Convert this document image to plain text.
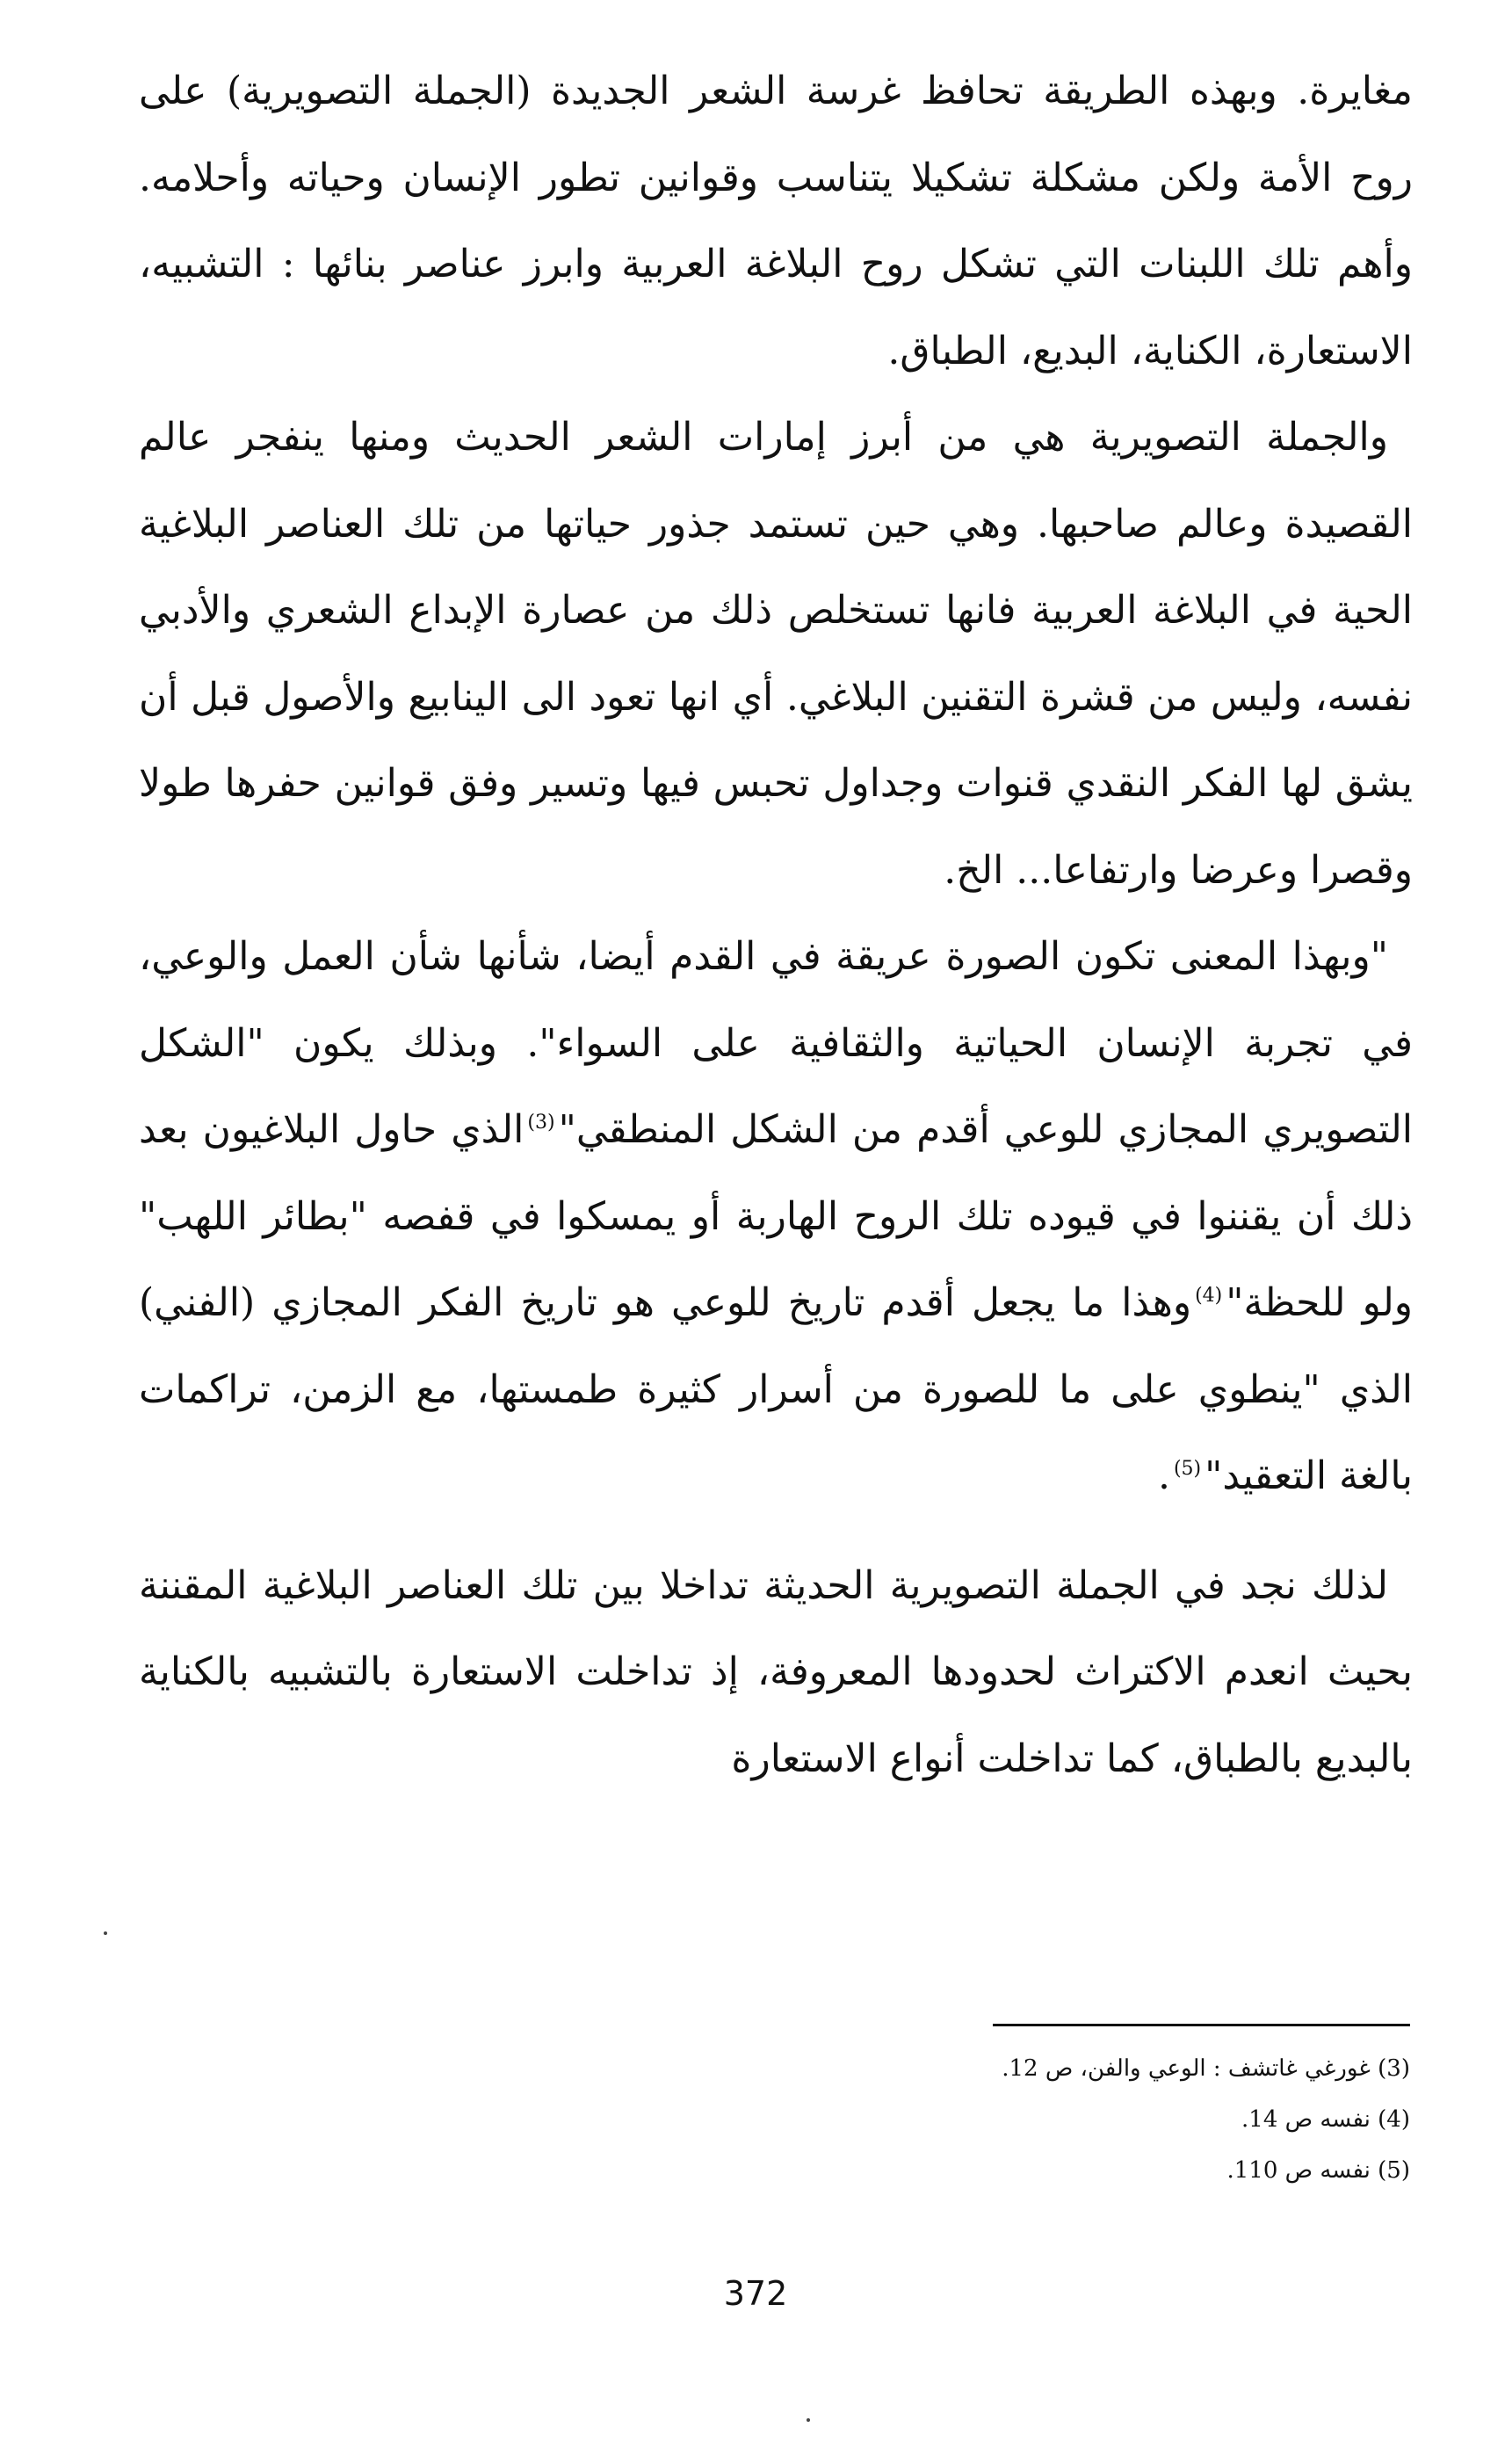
مغايرة. وبهذه الطريقة تحافظ غرسة الشعر الجديدة (الجملة التصويرية) على روح الأمة ولكن مشكلة تشكيلا يتناسب وقوانين تطور الإنسان وحياته وأحلامه. وأهم تلك اللبنات التي تشكل روح البلاغة العربية وابرز عناصر بنائها : التشبيه، الاستعارة، الكناية، البديع، الطباق.

والجملة التصويرية هي من أبرز إمارات الشعر الحديث ومنها ينفجر عالم القصيدة وعالم صاحبها. وهي حين تستمد جذور حياتها من تلك العناصر البلاغية الحية في البلاغة العربية فانها تستخلص ذلك من عصارة الإبداع الشعري والأدبي نفسه، وليس من قشرة التقنين البلاغي. أي انها تعود الى الينابيع والأصول قبل أن يشق لها الفكر النقدي قنوات وجداول تحبس فيها وتسير وفق قوانين حفرها طولا وقصرا وعرضا وارتفاعا... الخ.

"وبهذا المعنى تكون الصورة عريقة في القدم أيضا، شأنها شأن العمل والوعي، في تجربة الإنسان الحياتية والثقافية على السواء". وبذلك يكون "الشكل التصويري المجازي للوعي أقدم من الشكل المنطقي"$^{(3)}$الذي حاول البلاغيون بعد ذلك أن يقننوا في قيوده تلك الروح الهاربة أو يمسكوا في قفصه "بطائر اللهب" ولو للحظة"$^{(4)}$وهذا ما يجعل أقدم تاريخ للوعي هو تاريخ الفكر المجازي (الفني) الذي "ينطوي على ما للصورة من أسرار كثيرة طمستها، مع الزمن، تراكمات بالغة التعقيد"$^{(5)}$.

لذلك نجد في الجملة التصويرية الحديثة تداخلا بين تلك العناصر البلاغية المقننة بحيث انعدم الاكتراث لحدودها المعروفة، إذ تداخلت الاستعارة بالتشبيه بالكناية بالبديع بالطباق، كما تداخلت أنواع الاستعارة

(3) غورغي غاتشف : الوعي والفن، ص 12.

(4) نفسه ص 14.

(5) نفسه ص 110.

372
